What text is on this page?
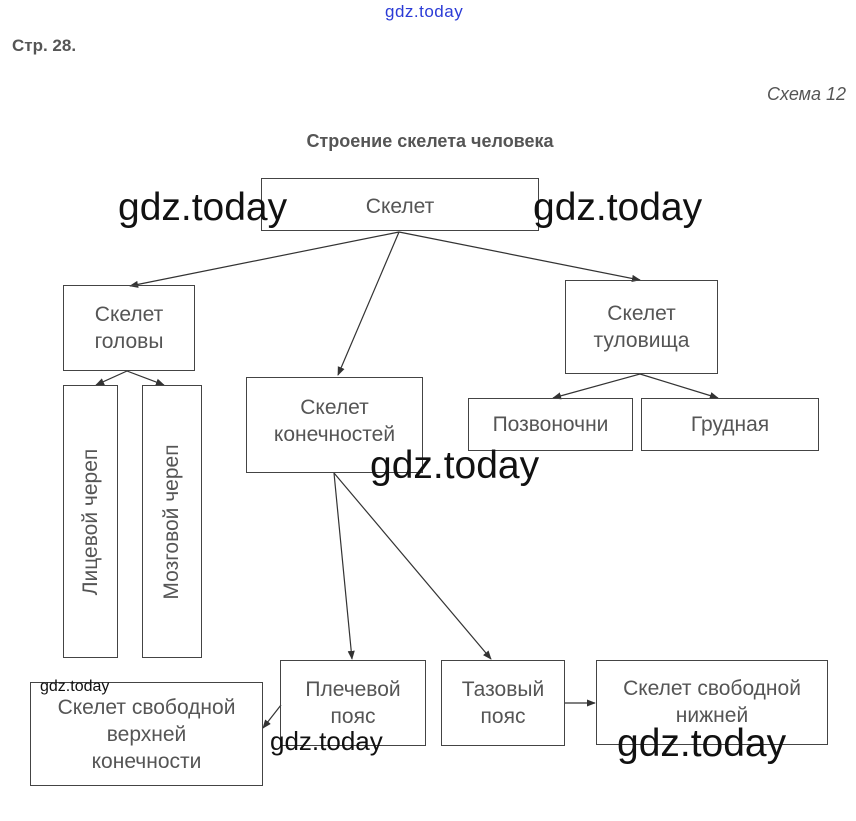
gdz.today
Стр. 28.
Схема 12
Строение скелета человека
Скелет
Скелет
головы
Скелет
туловища
Скелет
конечностей
Лицевой череп	Мозговой череп
Позвоночни	Грудная
Плечевой
пояс
Тазовый
пояс
Скелет свободной
верхней
конечности
Скелет свободной
нижней
gdz.today	gdz.today
gdz.today
gdz.today
gdz.today
gdz.today
